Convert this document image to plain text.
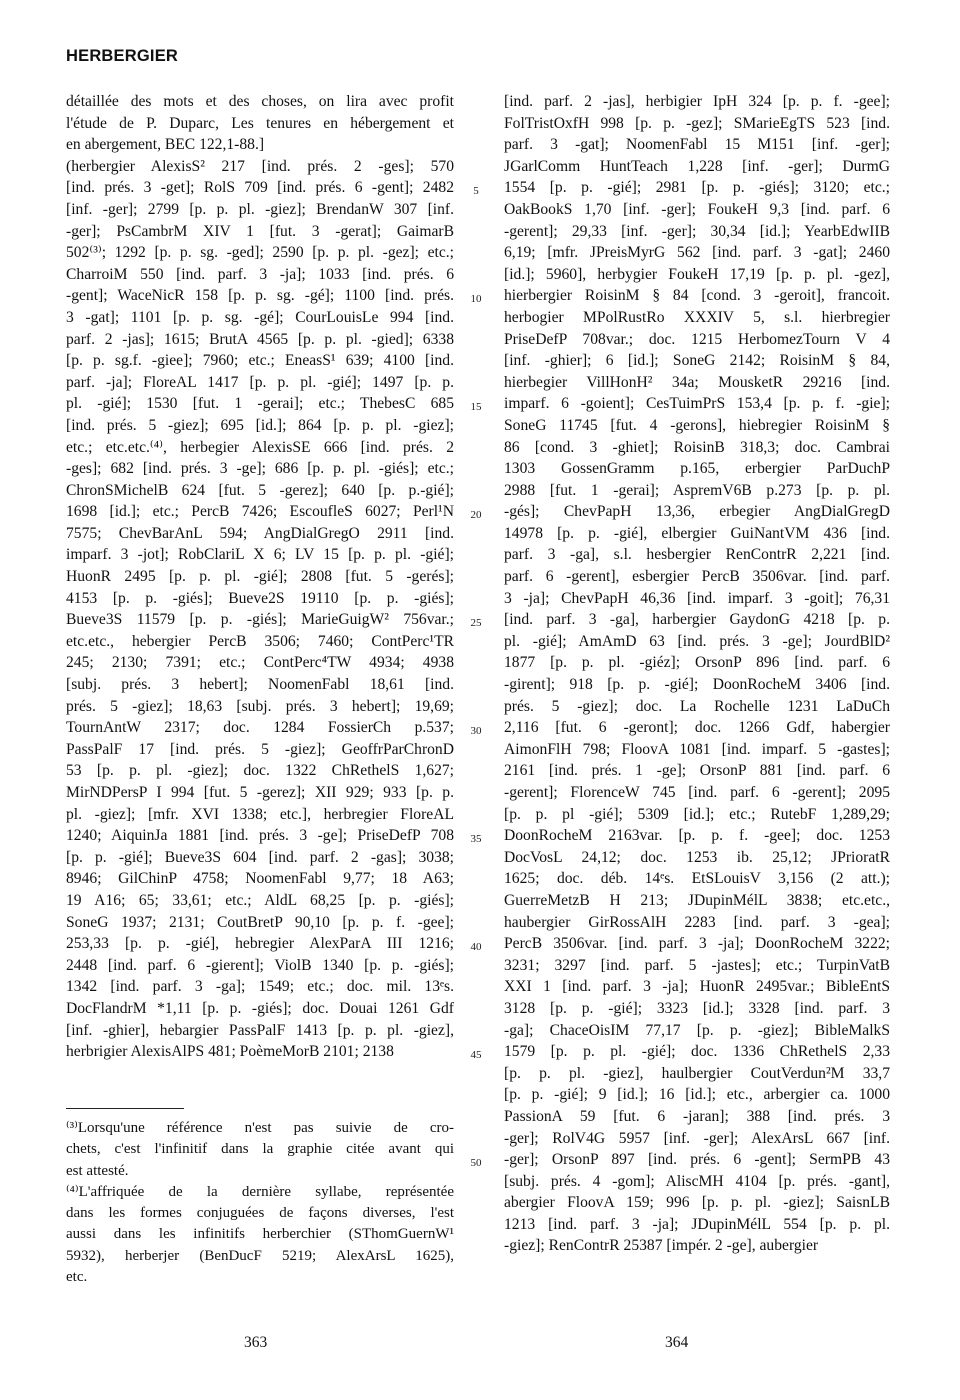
HERBERGIER
détaillée des mots et des choses, on lira avec profit
l'étude de P. Duparc, Les tenures en hébergement et
en abergement, BEC 122,1-88.]
(herbergier AlexisS² 217 [ind. prés. 2 -ges]; 570
[ind. prés. 3 -get]; RolS 709 [ind. prés. 6 -gent]; 2482
[inf. -ger]; 2799 [p. p. pl. -giez]; BrendanW 307 [inf.
-ger]; PsCambrM XIV 1 [fut. 3 -gerat]; GaimarB
502⁽³⁾; 1292 [p. p. sg. -ged]; 2590 [p. p. pl. -gez]; etc.;
CharroiM 550 [ind. parf. 3 -ja]; 1033 [ind. prés. 6
-gent]; WaceNicR 158 [p. p. sg. -gé]; 1100 [ind. prés.
3 -gat]; 1101 [p. p. sg. -gé]; CourLouisLe 994 [ind.
parf. 2 -jas]; 1615; BrutA 4565 [p. p. pl. -gied]; 6338
[p. p. sg.f. -giee]; 7960; etc.; EneasS¹ 639; 4100 [ind.
parf. -ja]; FloreAL 1417 [p. p. pl. -gié]; 1497 [p. p.
pl. -gié]; 1530 [fut. 1 -gerai]; etc.; ThebesC 685
[ind. prés. 5 -giez]; 695 [id.]; 864 [p. p. pl. -giez];
etc.; etc.etc.⁽⁴⁾, herbegier AlexisSE 666 [ind. prés. 2
-ges]; 682 [ind. prés. 3 -ge]; 686 [p. p. pl. -giés]; etc.;
ChronSMichelB 624 [fut. 5 -gerez]; 640 [p. p.-gié];
1698 [id.]; etc.; PercB 7426; EscoufleS 6027; Perl¹N
7575; ChevBarAnL 594; AngDialGregO 2911 [ind.
imparf. 3 -jot]; RobClariL X 6; LV 15 [p. p. pl. -gié];
HuonR 2495 [p. p. pl. -gié]; 2808 [fut. 5 -gerés];
4153 [p. p. -giés]; Bueve2S 19110 [p. p. -giés];
Bueve3S 11579 [p. p. -giés]; MarieGuigW² 756var.;
etc.etc., hebergier PercB 3506; 7460; ContPerc¹TR
245; 2130; 7391; etc.; ContPerc⁴TW 4934; 4938
[subj. prés. 3 hebert]; NoomenFabl 18,61 [ind.
prés. 5 -giez]; 18,63 [subj. prés. 3 hebert]; 19,69;
TournAntW 2317; doc. 1284 FossierCh p.537;
PassPalF 17 [ind. prés. 5 -giez]; GeoffrParChronD
53 [p. p. pl. -giez]; doc. 1322 ChRethelS 1,627;
MirNDPersP I 994 [fut. 5 -gerez]; XII 929; 933 [p. p.
pl. -giez]; [mfr. XVI 1338; etc.], herbregier FloreAL
1240; AiquinJa 1881 [ind. prés. 3 -ge]; PriseDefP 708
[p. p. -gié]; Bueve3S 604 [ind. parf. 2 -gas]; 3038;
8946; GilChinP 4758; NoomenFabl 9,77; 18 A63;
19 A16; 65; 33,61; etc.; AldL 68,25 [p. p. -giés];
SoneG 1937; 2131; CoutBretP 90,10 [p. p. f. -gee];
253,33 [p. p. -gié], hebregier AlexParA III 1216;
2448 [ind. parf. 6 -gierent]; ViolB 1340 [p. p. -giés];
1342 [ind. parf. 3 -ga]; 1549; etc.; doc. mil. 13ᵉs.
DocFlandrM *1,11 [p. p. -giés]; doc. Douai 1261 Gdf
[inf. -ghier], hebargier PassPalF 1413 [p. p. pl. -giez],
herbrigier AlexisAlPS 481; PoèmeMorB 2101; 2138
5
10
15
20
25
30
35
40
45
50
[ind. parf. 2 -jas], herbigier IpH 324 [p. p. f. -gee];
FolTristOxfH 998 [p. p. -gez]; SMarieEgTS 523 [ind.
parf. 3 -gat]; NoomenFabl 15 M151 [inf. -ger];
JGarlComm HuntTeach 1,228 [inf. -ger]; DurmG
1554 [p. p. -gié]; 2981 [p. p. -giés]; 3120; etc.;
OakBookS 1,70 [inf. -ger]; FoukeH 9,3 [ind. parf. 6
-gerent]; 29,33 [inf. -ger]; 30,34 [id.]; YearbEdwIIB
6,19; [mfr. JPreisMyrG 562 [ind. parf. 3 -gat]; 2460
[id.]; 5960], herbygier FoukeH 17,19 [p. p. pl. -gez],
hierbergier RoisinM § 84 [cond. 3 -geroit], francoit.
herbogier MPolRustRo XXXIV 5, s.l. hierbregier
PriseDefP 708var.; doc. 1215 HerbomezTourn V 4
[inf. -ghier]; 6 [id.]; SoneG 2142; RoisinM § 84,
hierbegier VillHonH² 34a; MousketR 29216 [ind.
imparf. 6 -goient]; CesTuimPrS 153,4 [p. p. f. -gie];
SoneG 11745 [fut. 4 -gerons], hiebregier RoisinM §
86 [cond. 3 -ghiet]; RoisinB 318,3; doc. Cambrai
1303 GossenGramm p.165, erbergier ParDuchP
2988 [fut. 1 -gerai]; AspremV6B p.273 [p. p. pl.
-gés]; ChevPapH 13,36, erbegier AngDialGregD
14978 [p. p. -gié], elbergier GuiNantVM 436 [ind.
parf. 3 -ga], s.l. hesbergier RenContrR 2,221 [ind.
parf. 6 -gerent], esbergier PercB 3506var. [ind. parf.
3 -ja]; ChevPapH 46,36 [ind. imparf. 3 -goit]; 76,31
[ind. parf. 3 -ga], harbergier GaydonG 4218 [p. p.
pl. -gié]; AmAmD 63 [ind. prés. 3 -ge]; JourdBlD²
1877 [p. p. pl. -giéz]; OrsonP 896 [ind. parf. 6
-girent]; 918 [p. p. -gié]; DoonRocheM 3406 [ind.
prés. 5 -giez]; doc. La Rochelle 1231 LaDuCh
2,116 [fut. 6 -geront]; doc. 1266 Gdf, habergier
AimonFlH 798; FloovA 1081 [ind. imparf. 5 -gastes];
2161 [ind. prés. 1 -ge]; OrsonP 881 [ind. parf. 6
-gerent]; FlorenceW 745 [ind. parf. 6 -gerent]; 2095
[p. p. pl -gié]; 5309 [id.]; etc.; RutebF 1,289,29;
DoonRocheM 2163var. [p. p. f. -gee]; doc. 1253
DocVosL 24,12; doc. 1253 ib. 25,12; JPrioratR
1625; doc. déb. 14ᵉs. EtSLouisV 3,156 (2 att.);
GuerreMetzB H 213; JDupinMélL 3838; etc.etc.,
haubergier GirRossAlH 2283 [ind. parf. 3 -gea];
PercB 3506var. [ind. parf. 3 -ja]; DoonRocheM 3222;
3231; 3297 [ind. parf. 5 -jastes]; etc.; TurpinVatB
XXI 1 [ind. parf. 3 -ja]; HuonR 2495var.; BibleEntS
3128 [p. p. -gié]; 3323 [id.]; 3328 [ind. parf. 3
-ga]; ChaceOisIM 77,17 [p. p. -giez]; BibleMalkS
1579 [p. p. pl. -gié]; doc. 1336 ChRethelS 2,33
[p. p. pl. -giez], haulbergier CoutVerdun²M 33,7
[p. p. -gié]; 9 [id.]; 16 [id.]; etc., arbergier ca. 1000
PassionA 59 [fut. 6 -jaran]; 388 [ind. prés. 3
-ger]; RolV4G 5957 [inf. -ger]; AlexArsL 667 [inf.
-ger]; OrsonP 897 [ind. prés. 6 -gent]; SermPB 43
[subj. prés. 4 -gom]; AliscMH 4104 [p. prés. -gant],
abergier FloovA 159; 996 [p. p. pl. -giez]; SaisnLB
1213 [ind. parf. 3 -ja]; JDupinMélL 554 [p. p. pl.
-giez]; RenContrR 25387 [impér. 2 -ge], aubergier
⁽³⁾Lorsqu'une référence n'est pas suivie de cro-
chets, c'est l'infinitif dans la graphie citée avant qui
est attesté.
⁽⁴⁾L'affriquée de la dernière syllabe, représentée
dans les formes conjuguées de façons diverses, l'est
aussi dans les infinitifs herberchier (SThomGuernW¹
5932), herberjer (BenDucF 5219; AlexArsL 1625),
etc.
363	364
